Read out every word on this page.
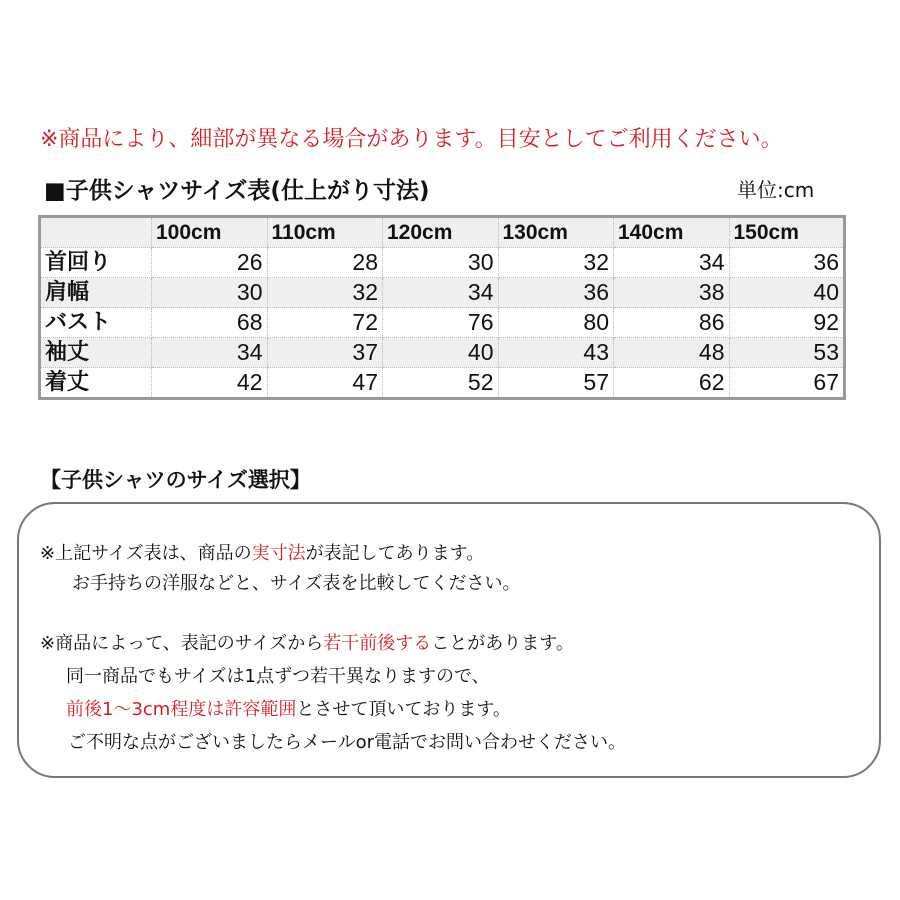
※商品により、細部が異なる場合があります。目安としてご利用ください。
■子供シャツサイズ表(仕上がり寸法)	単位:cm
	100cm	110cm	120cm	130cm	140cm	150cm
首回り	26	28	30	32	34	36
肩幅	30	32	34	36	38	40
バスト	68	72	76	80	86	92
袖丈	34	37	40	43	48	53
着丈	42	47	52	57	62	67
【子供シャツのサイズ選択】
※上記サイズ表は、商品の実寸法が表記してあります。
お手持ちの洋服などと、サイズ表を比較してください。
※商品によって、表記のサイズから若干前後することがあります。
同一商品でもサイズは1点ずつ若干異なりますので、
前後1～3cm程度は許容範囲とさせて頂いております。
ご不明な点がございましたらメールor電話でお問い合わせください。
